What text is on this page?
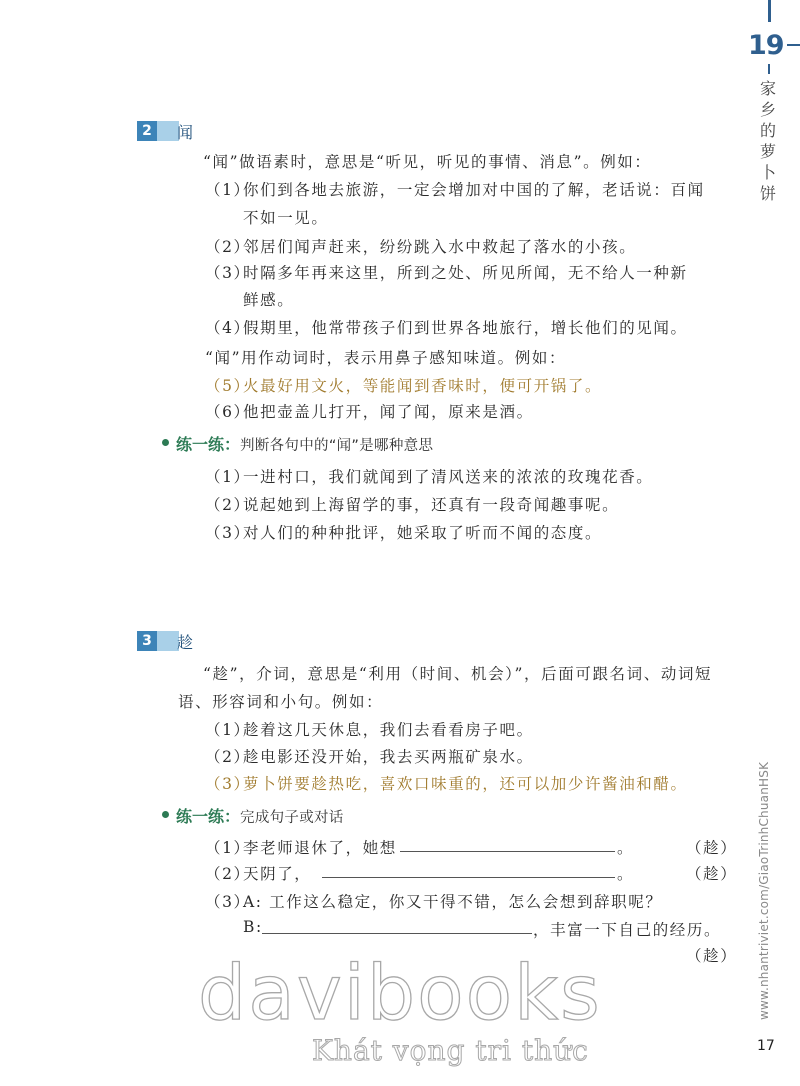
19
家乡的萝卜饼
2	闻
“闻”做语素时，意思是“听见，听见的事情、消息”。例如：
（1）
你们到各地去旅游，一定会增加对中国的了解，老话说：百闻
不如一见。
（2）
邻居们闻声赶来，纷纷跳入水中救起了落水的小孩。
（3）
时隔多年再来这里，所到之处、所见所闻，无不给人一种新
鲜感。
（4）
假期里，他常带孩子们到世界各地旅行，增长他们的见闻。
“闻”用作动词时，表示用鼻子感知味道。例如：
（5）
火最好用文火，等能闻到香味时，便可开锅了。
（6）
他把壶盖儿打开，闻了闻，原来是酒。
练一练：判断各句中的“闻”是哪种意思
（1）
一进村口，我们就闻到了清风送来的浓浓的玫瑰花香。
（2）
说起她到上海留学的事，还真有一段奇闻趣事呢。
（3）
对人们的种种批评，她采取了听而不闻的态度。
3	趁
“趁”，介词，意思是“利用（时间、机会）”，后面可跟名词、动词短
语、形容词和小句。例如：
（1）
趁着这几天休息，我们去看看房子吧。
（2）
趁电影还没开始，我去买两瓶矿泉水。
（3）
萝卜饼要趁热吃，喜欢口味重的，还可以加少许酱油和醋。
练一练：完成句子或对话
（1）
李老师退休了，她想	。	（趁）
（2）
天阴了，	。	（趁）
（3）
A: 工作这么稳定，你又干得不错，怎么会想到辞职呢？
B:	，丰富一下自己的经历。
（趁） www.nhantriviet.com/GiaoTrinhChuanHSK
davibooks
Khát vọng tri thức	17
